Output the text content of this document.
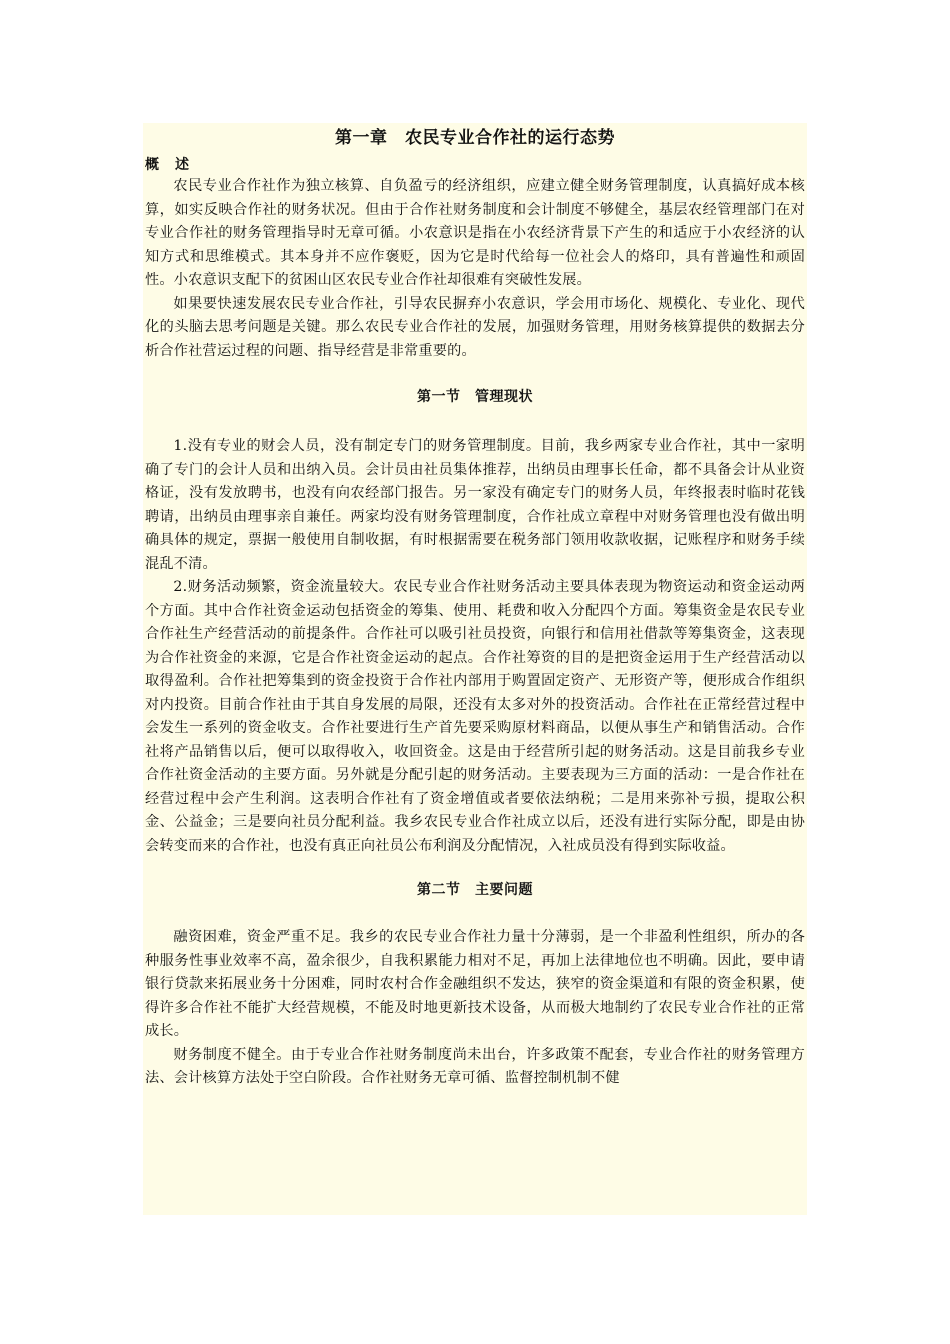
第一章　农民专业合作社的运行态势
概　述

农民专业合作社作为独立核算、自负盈亏的经济组织，应建立健全财务管理制度，认真搞好成本核算，如实反映合作社的财务状况。但由于合作社财务制度和会计制度不够健全，基层农经管理部门在对专业合作社的财务管理指导时无章可循。小农意识是指在小农经济背景下产生的和适应于小农经济的认知方式和思维模式。其本身并不应作褒贬，因为它是时代给每一位社会人的烙印，具有普遍性和顽固性。小农意识支配下的贫困山区农民专业合作社却很难有突破性发展。

如果要快速发展农民专业合作社，引导农民摒弃小农意识，学会用市场化、规模化、专业化、现代化的头脑去思考问题是关键。那么农民专业合作社的发展，加强财务管理，用财务核算提供的数据去分析合作社营运过程的问题、指导经营是非常重要的。

第一节　管理现状

1.没有专业的财会人员，没有制定专门的财务管理制度。目前，我乡两家专业合作社，其中一家明确了专门的会计人员和出纳入员。会计员由社员集体推荐，出纳员由理事长任命，都不具备会计从业资格证，没有发放聘书，也没有向农经部门报告。另一家没有确定专门的财务人员，年终报表时临时花钱聘请，出纳员由理事亲自兼任。两家均没有财务管理制度，合作社成立章程中对财务管理也没有做出明确具体的规定，票据一般使用自制收据，有时根据需要在税务部门领用收款收据，记账程序和财务手续混乱不清。

2.财务活动频繁，资金流量较大。农民专业合作社财务活动主要具体表现为物资运动和资金运动两个方面。其中合作社资金运动包括资金的筹集、使用、耗费和收入分配四个方面。筹集资金是农民专业合作社生产经营活动的前提条件。合作社可以吸引社员投资，向银行和信用社借款等筹集资金，这表现为合作社资金的来源，它是合作社资金运动的起点。合作社筹资的目的是把资金运用于生产经营活动以取得盈利。合作社把筹集到的资金投资于合作社内部用于购置固定资产、无形资产等，便形成合作组织对内投资。目前合作社由于其自身发展的局限，还没有太多对外的投资活动。合作社在正常经营过程中会发生一系列的资金收支。合作社要进行生产首先要采购原材料商品，以便从事生产和销售活动。合作社将产品销售以后，便可以取得收入，收回资金。这是由于经营所引起的财务活动。这是目前我乡专业合作社资金活动的主要方面。另外就是分配引起的财务活动。主要表现为三方面的活动：一是合作社在经营过程中会产生利润。这表明合作社有了资金增值或者要依法纳税；二是用来弥补亏损，提取公积金、公益金；三是要向社员分配利益。我乡农民专业合作社成立以后，还没有进行实际分配，即是由协会转变而来的合作社，也没有真正向社员公布利润及分配情况，入社成员没有得到实际收益。

第二节　主要问题

融资困难，资金严重不足。我乡的农民专业合作社力量十分薄弱，是一个非盈利性组织，所办的各种服务性事业效率不高，盈余很少，自我积累能力相对不足，再加上法律地位也不明确。因此，要申请银行贷款来拓展业务十分困难，同时农村合作金融组织不发达，狭窄的资金渠道和有限的资金积累，使得许多合作社不能扩大经营规模，不能及时地更新技术设备，从而极大地制约了农民专业合作社的正常成长。

财务制度不健全。由于专业合作社财务制度尚未出台，许多政策不配套，专业合作社的财务管理方法、会计核算方法处于空白阶段。合作社财务无章可循、监督控制机制不健
